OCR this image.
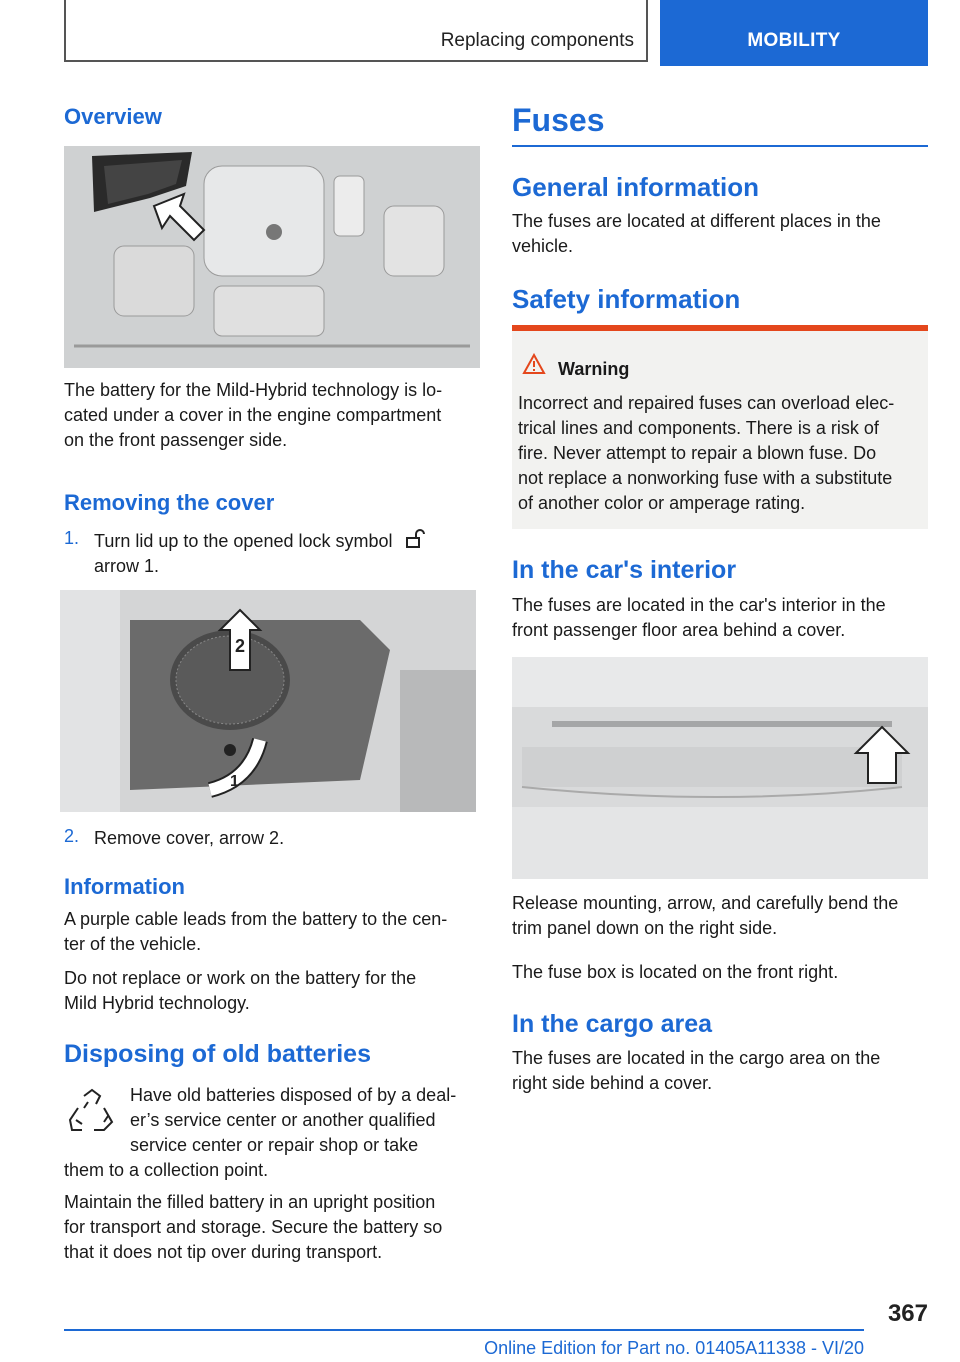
Replacing components	MOBILITY
Overview

The battery for the Mild-Hybrid technology is lo-
cated under a cover in the engine compartment
on the front passenger side.

Removing the cover
1. Turn lid up to the opened lock symbol
arrow 1.

2
1
2. Remove cover, arrow 2.

Information

A purple cable leads from the battery to the cen-
ter of the vehicle.

Do not replace or work on the battery for the
Mild Hybrid technology.

Disposing of old batteries

Have old batteries disposed of by a deal-
er’s service center or another qualified
service center or repair shop or take

them to a collection point.

Maintain the filled battery in an upright position
for transport and storage. Secure the battery so
that it does not tip over during transport.

Fuses
General information

The fuses are located at different places in the
vehicle.

Safety information
Warning

Incorrect and repaired fuses can overload elec-
trical lines and components. There is a risk of
fire. Never attempt to repair a blown fuse. Do
not replace a nonworking fuse with a substitute
of another color or amperage rating.

In the car's interior

The fuses are located in the car's interior in the
front passenger floor area behind a cover.

Release mounting, arrow, and carefully bend the
trim panel down on the right side.

The fuse box is located on the front right.

In the cargo area

The fuses are located in the cargo area on the
right side behind a cover.

367
Online Edition for Part no. 01405A11338 - VI/20
